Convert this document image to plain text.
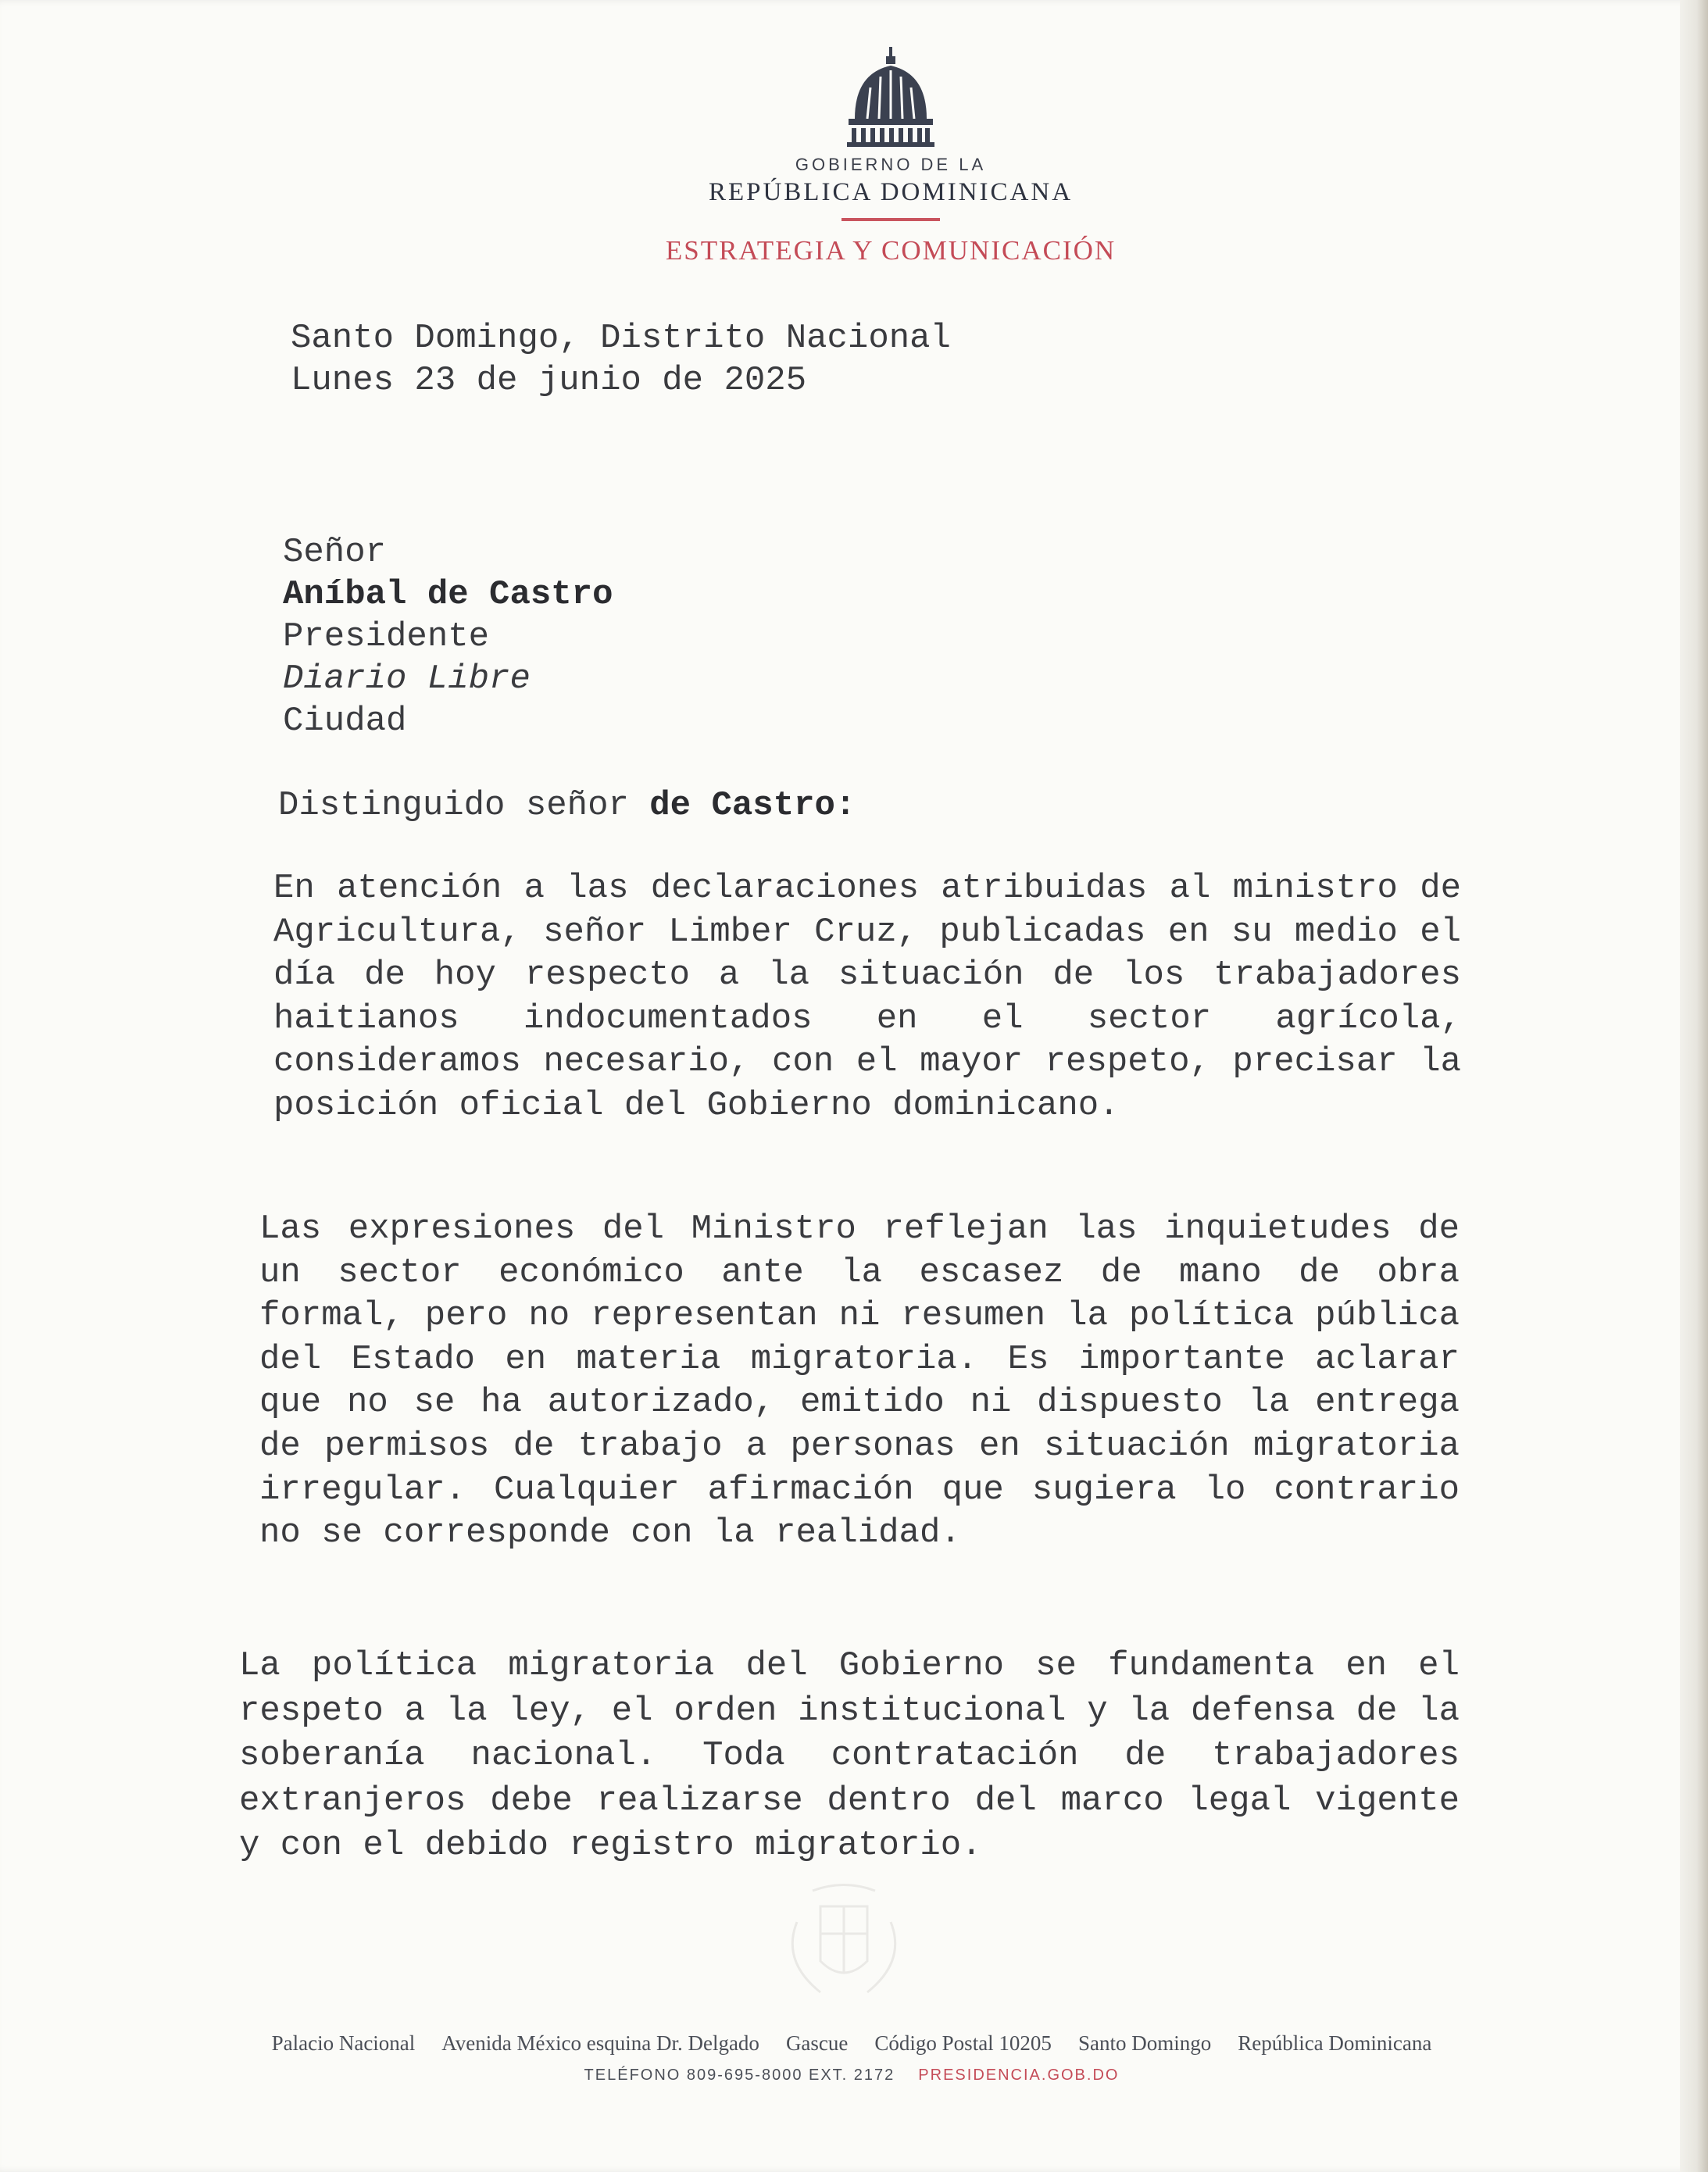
GOBIERNO DE LA
REPÚBLICA DOMINICANA
ESTRATEGIA Y COMUNICACIÓN
Santo Domingo, Distrito Nacional
Lunes 23 de junio de 2025
Señor
Aníbal de Castro
Presidente
Diario Libre
Ciudad
Distinguido señor de Castro:
En atención a las declaraciones atribuidas al ministro de Agricultura, señor Limber Cruz, publicadas en su medio el día de hoy respecto a la situación de los trabajadores haitianos indocumentados en el sector agrícola, consideramos necesario, con el mayor respeto, precisar la posición oficial del Gobierno dominicano.
Las expresiones del Ministro reflejan las inquietudes de un sector económico ante la escasez de mano de obra formal, pero no representan ni resumen la política pública del Estado en materia migratoria. Es importante aclarar que no se ha autorizado, emitido ni dispuesto la entrega de permisos de trabajo a personas en situación migratoria irregular. Cualquier afirmación que sugiera lo contrario no se corresponde con la realidad.
La política migratoria del Gobierno se fundamenta en el respeto a la ley, el orden institucional y la defensa de la soberanía nacional. Toda contratación de trabajadores extranjeros debe realizarse dentro del marco legal vigente y con el debido registro migratorio.
Palacio Nacional Avenida México esquina Dr. Delgado Gascue Código Postal 10205 Santo Domingo República Dominicana
TELÉFONO 809-695-8000 EXT. 2172 PRESIDENCIA.GOB.DO
